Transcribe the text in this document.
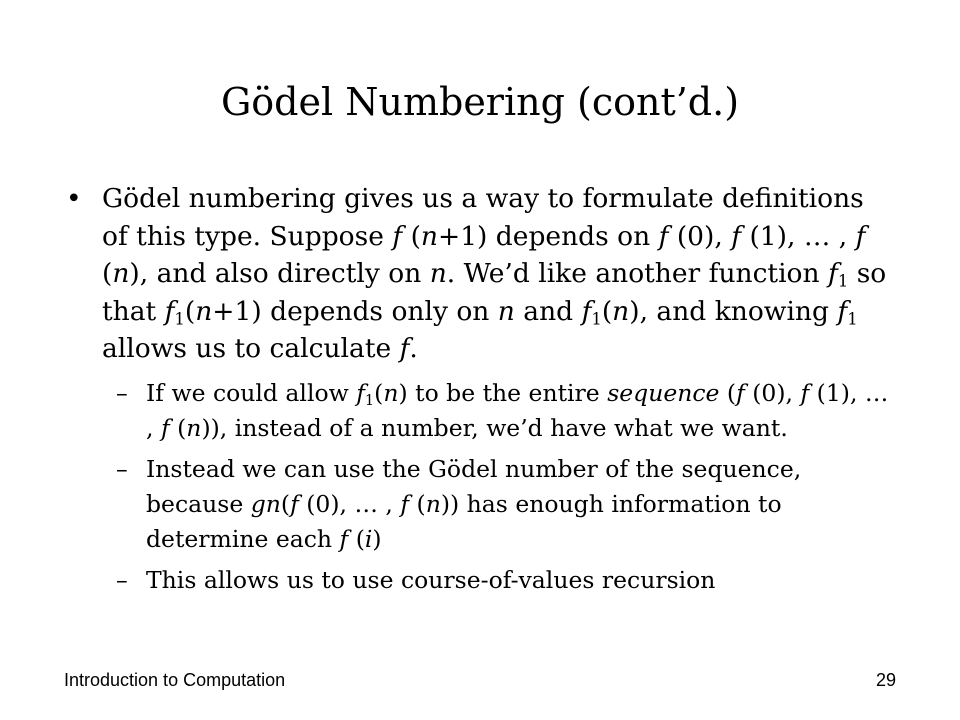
Gödel Numbering (cont’d.)

• Gödel numbering gives us a way to formulate definitions of this type. Suppose f (n+1) depends on f (0), f (1), … , f (n), and also directly on n. We’d like another function $f_1$ so that $f_1(n+1)$ depends only on n and $f_1(n)$, and knowing $f_1$ allows us to calculate f.

– If we could allow $f_1(n)$ to be the entire sequence (f (0), f (1), … , f (n)), instead of a number, we’d have what we want.
– Instead we can use the Gödel number of the sequence, because gn(f (0), … , f (n)) has enough information to determine each f (i)
– This allows us to use course-of-values recursion
Introduction to Computation	29
